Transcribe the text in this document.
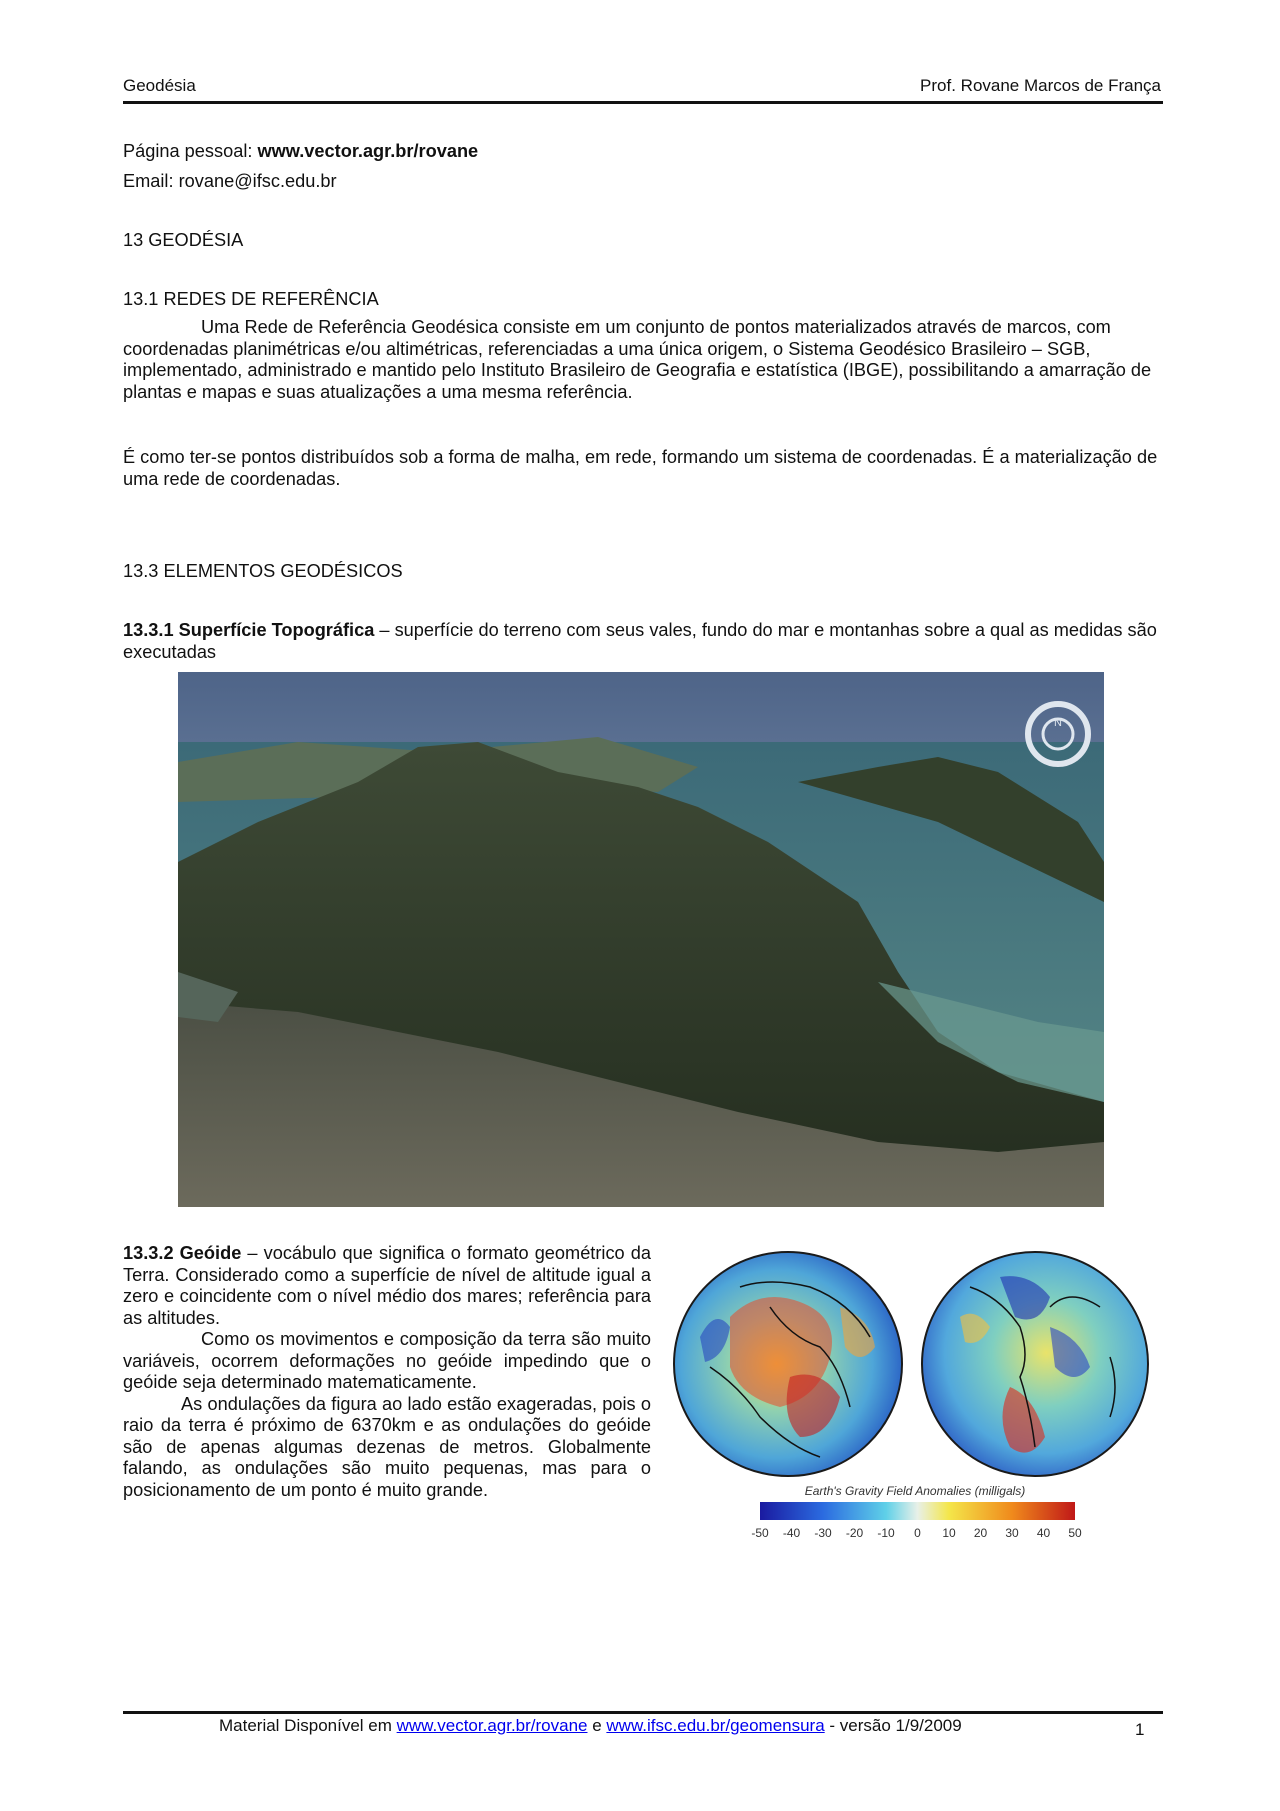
Geodésia	Prof. Rovane Marcos de França
Página pessoal: www.vector.agr.br/rovane
Email: rovane@ifsc.edu.br
13 GEODÉSIA
13.1 REDES DE REFERÊNCIA

Uma Rede de Referência Geodésica consiste em um conjunto de pontos materializados através de marcos, com coordenadas planimétricas e/ou altimétricas, referenciadas a uma única origem, o Sistema Geodésico Brasileiro – SGB, implementado, administrado e mantido pelo Instituto Brasileiro de Geografia e estatística (IBGE), possibilitando a amarração de plantas e mapas e suas atualizações a uma mesma referência.

É como ter-se pontos distribuídos sob a forma de malha, em rede, formando um sistema de coordenadas. É a materialização de uma rede de coordenadas.

13.3 ELEMENTOS GEODÉSICOS

13.3.1 Superfície Topográfica – superfície do terreno com seus vales, fundo do mar e montanhas sobre a qual as medidas são executadas

N

13.3.2 Geóide – vocábulo que significa o formato geométrico da Terra. Considerado como a superfície de nível de altitude igual a zero e coincidente com o nível médio dos mares; referência para as altitudes.

Como os movimentos e composição da terra são muito variáveis, ocorrem deformações no geóide impedindo que o geóide seja determinado matematicamente.

As ondulações da figura ao lado estão exageradas, pois o raio da terra é próximo de 6370km e as ondulações do geóide são de apenas algumas dezenas de metros. Globalmente falando, as ondulações são muito pequenas, mas para o posicionamento de um ponto é muito grande.	Earth's Gravity Field Anomalies (milligals)
-50 -40 -30 -20 -10 0 10 20 30 40 50
Material Disponível em www.vector.agr.br/rovane e www.ifsc.edu.br/geomensura - versão 1/9/2009	1
